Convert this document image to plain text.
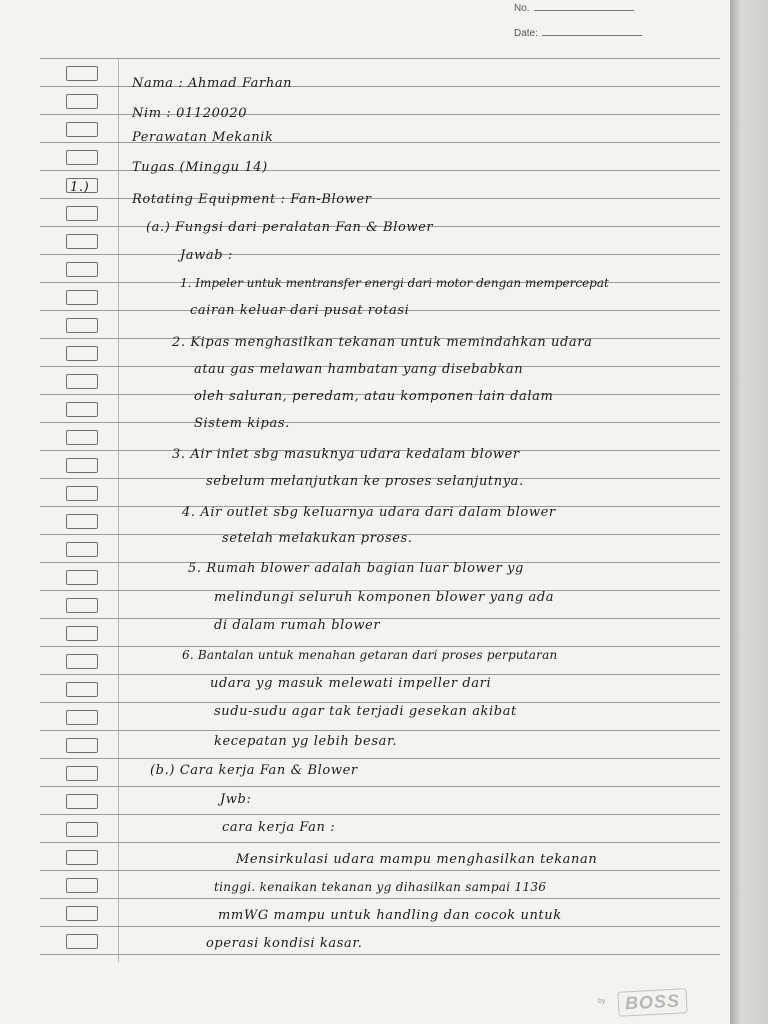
No.
Date:

Nama : Ahmad Farhan

Nim : 01120020

Perawatan Mekanik

Tugas (Minggu 14)

1.)

Rotating Equipment : Fan-Blower

(a.) Fungsi dari peralatan Fan & Blower

Jawab :

1. Impeler untuk mentransfer energi dari motor dengan mempercepat

cairan keluar dari pusat rotasi

2. Kipas menghasilkan tekanan untuk memindahkan udara

atau gas melawan hambatan yang disebabkan

oleh saluran, peredam, atau komponen lain dalam

Sistem kipas.

3. Air inlet sbg masuknya udara kedalam blower

sebelum melanjutkan ke proses selanjutnya.

4. Air outlet sbg keluarnya udara dari dalam blower

setelah melakukan proses.

5. Rumah blower adalah bagian luar blower yg

melindungi seluruh komponen blower yang ada

di dalam rumah blower

6. Bantalan untuk menahan getaran dari proses perputaran

udara yg masuk melewati impeller dari

sudu-sudu agar tak terjadi gesekan akibat

kecepatan yg lebih besar.

(b.) Cara kerja Fan & Blower

Jwb:

cara kerja Fan :

Mensirkulasi udara mampu menghasilkan tekanan

tinggi. kenaikan tekanan yg dihasilkan sampai 1136

mmWG mampu untuk handling dan cocok untuk

operasi kondisi kasar.

by	BOSS
